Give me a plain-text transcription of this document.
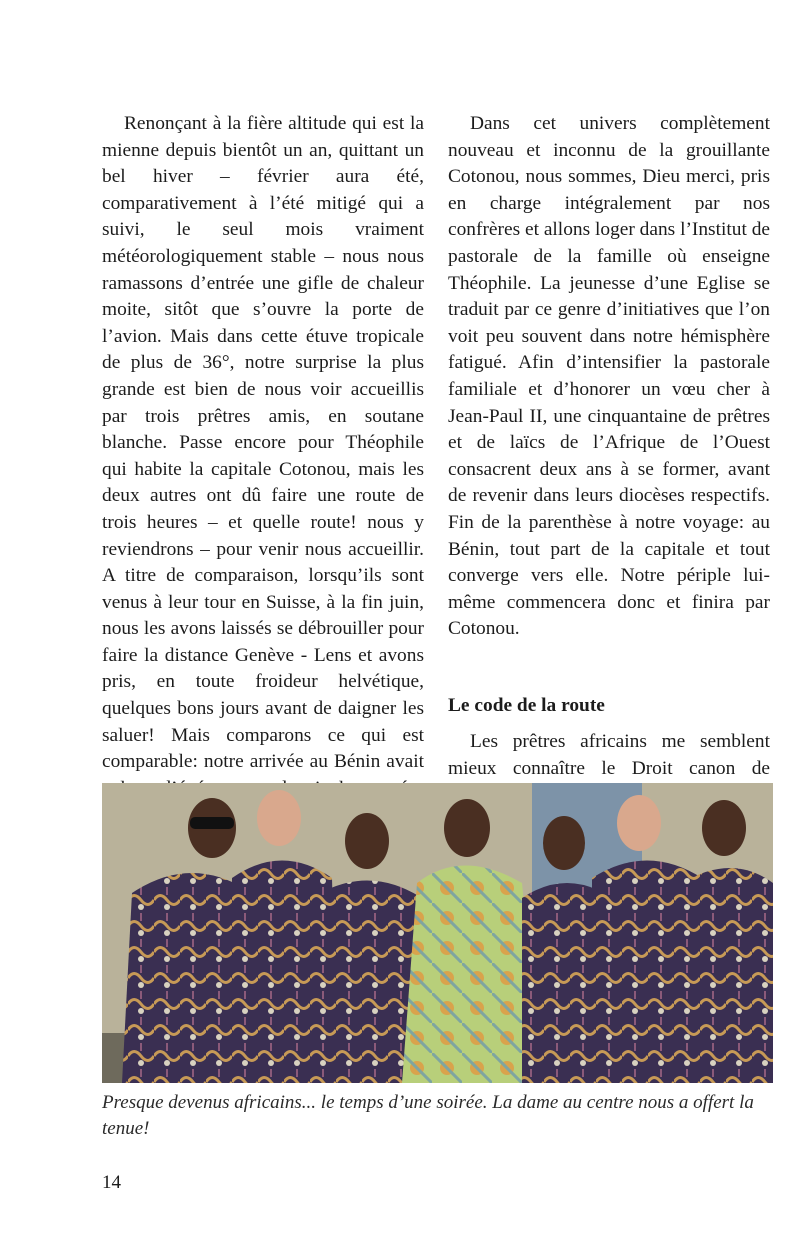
Renonçant à la fière altitude qui est la mienne depuis bientôt un an, quittant un bel hiver – février aura été, comparativement à l’été mitigé qui a suivi, le seul mois vraiment météorologiquement stable – nous nous ramassons d’entrée une gifle de chaleur moite, sitôt que s’ouvre la porte de l’avion. Mais dans cette étuve tropicale de plus de 36°, notre surprise la plus grande est bien de nous voir accueillis par trois prêtres amis, en soutane blanche. Passe encore pour Théophile qui habite la capitale Cotonou, mais les deux autres ont dû faire une route de trois heures – et quelle route! nous y reviendrons – pour venir nous accueillir. A titre de comparaison, lorsqu’ils sont venus à leur tour en Suisse, à la fin juin, nous les avons laissés se débrouiller pour faire la distance Genève - Lens et avons pris, en toute froideur helvétique, quelques bons jours avant de daigner les saluer! Mais comparons ce qui est comparable: notre arrivée au Bénin avait

Dans cet univers complètement nouveau et inconnu de la grouillante Cotonou, nous sommes, Dieu merci, pris en charge intégralement par nos confrères et allons loger dans l’Institut de pastorale de la famille où enseigne Théophile. La jeunesse d’une Eglise se traduit par ce genre d’initiatives que l’on voit peu souvent dans notre hémisphère fatigué. Afin d’intensifier la pastorale familiale et d’honorer un vœu cher à Jean-Paul II, une cinquantaine de prêtres et de laïcs de l’Afrique de l’Ouest consacrent deux ans à se former, avant de revenir dans leurs diocèses respectifs. Fin de la parenthèse à notre voyage: au Bénin, tout part de la capitale et tout converge vers elle. Notre périple lui-même commencera donc et finira par Cotonou.

Le code de la route

Les prêtres africains me semblent mieux connaître le Droit canon de

Presque devenus africains... le temps d’une soirée. La dame au centre nous a offert la tenue!
14
